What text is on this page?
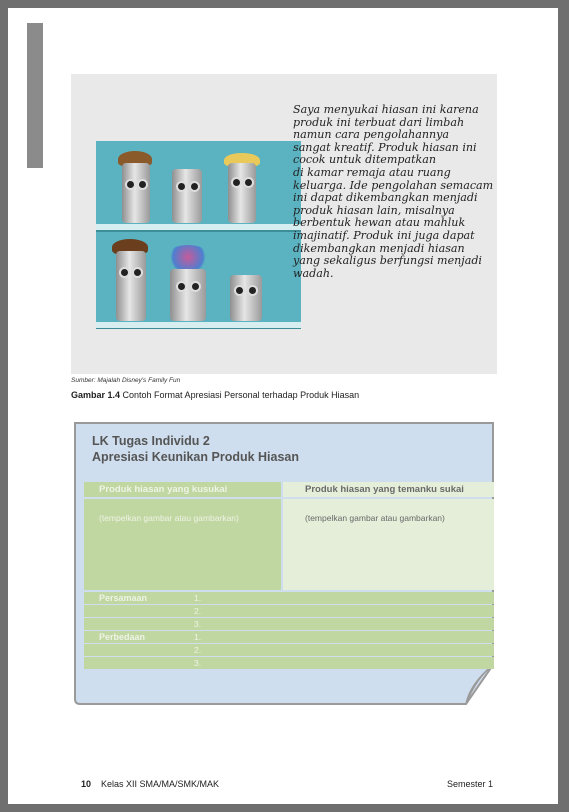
Saya menyukai hiasan ini karena
produk ini terbuat dari limbah
namun cara pengolahannya
sangat kreatif. Produk hiasan ini
cocok untuk ditempatkan
di kamar remaja atau ruang
keluarga. Ide pengolahan semacam
ini dapat dikembangkan menjadi
produk hiasan lain, misalnya
berbentuk hewan atau mahluk
imajinatif. Produk ini juga dapat
dikembangkan menjadi hiasan
yang sekaligus berfungsi menjadi
wadah.
Sumber: Majalah Disney's Family Fun
Gambar 1.4 Contoh Format Apresiasi Personal terhadap Produk Hiasan
LK Tugas Individu 2
Apresiasi Keunikan Produk Hiasan
Produk hiasan yang kusukai	Produk hiasan yang temanku sukai
(tempelkan gambar atau gambarkan)	(tempelkan gambar atau gambarkan)
Persamaan	1.
2.
3.
Perbedaan	1.
2.
3.
10 Kelas XII SMA/MA/SMK/MAK	Semester 1
